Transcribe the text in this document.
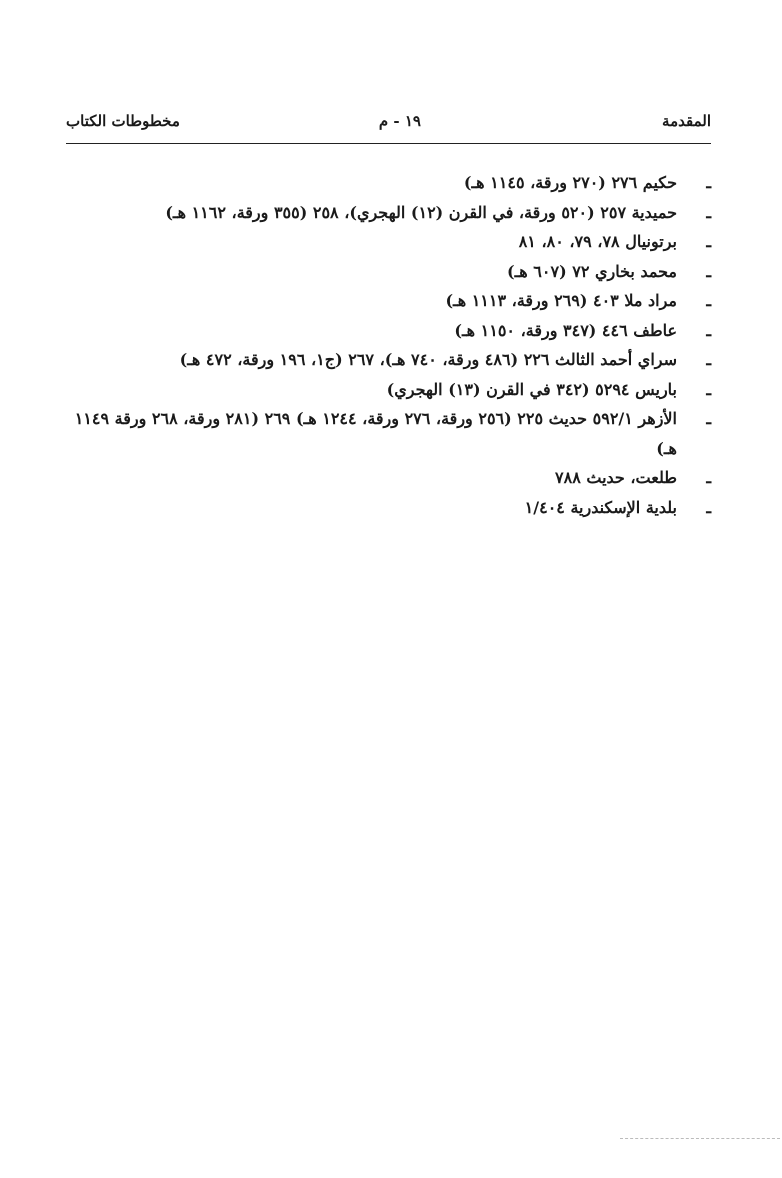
المقدمة
١٩ - م
مخطوطات الكتاب
ـ
حكيم ٢٧٦ (٢٧٠ ورقة، ١١٤٥ هـ)
ـ
حميدية ٢٥٧ (٥٢٠ ورقة، في القرن (١٢) الهجري)، ٢٥٨ (٣٥٥ ورقة، ١١٦٢ هـ)
ـ
برتونيال ٧٨، ٧٩، ٨٠، ٨١
ـ
محمد بخاري ٧٢ (٦٠٧ هـ)
ـ
مراد ملا ٤٠٣ (٢٦٩ ورقة، ١١١٣ هـ)
ـ
عاطف ٤٤٦ (٣٤٧ ورقة، ١١٥٠ هـ)
ـ
سراي أحمد الثالث ٢٢٦ (٤٨٦ ورقة، ٧٤٠ هـ)، ٢٦٧ (ج١، ١٩٦ ورقة، ٤٧٢ هـ)
ـ
باريس ٥٢٩٤ (٣٤٢ في القرن (١٣) الهجري)
ـ
الأزهر ٥٩٢/١ حديث ٢٢٥ (٢٥٦ ورقة، ٢٧٦ ورقة، ١٢٤٤ هـ) ٢٦٩ (٢٨١ ورقة، ٢٦٨ ورقة ١١٤٩ هـ)
ـ
طلعت، حديث ٧٨٨
ـ
بلدية الإسكندرية ١/٤٠٤
